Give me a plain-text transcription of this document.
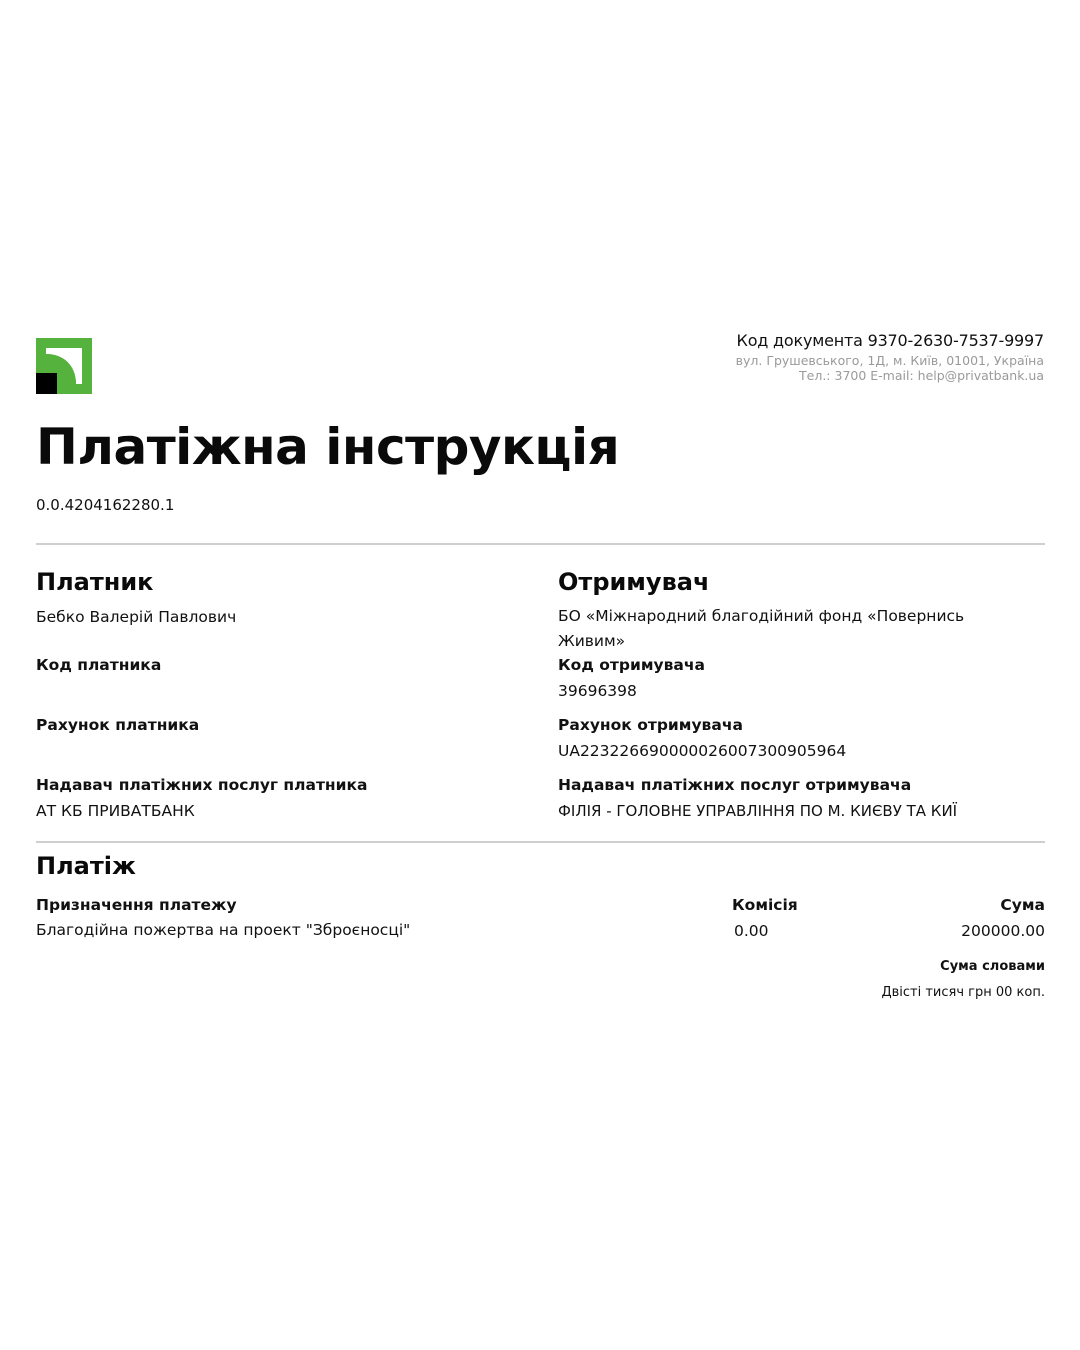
Код документа 9370-2630-7537-9997
вул. Грушевського, 1Д, м. Київ, 01001, Україна
Тел.: 3700 E-mail: help@privatbank.ua
Платіжна інструкція
0.0.4204162280.1
Платник
Бебко Валерій Павлович
Код платника
Рахунок платника
Надавач платіжних послуг платника
АТ КБ ПРИВАТБАНК
Отримувач
БО «Міжнародний благодійний фонд «Повернись Живим»
Код отримувача
39696398
Рахунок отримувача
UA223226690000026007300905964
Надавач платіжних послуг отримувача
ФІЛІЯ - ГОЛОВНЕ УПРАВЛІННЯ ПО М. КИЄВУ ТА КИЇ
Платіж
Призначення платежу
Благодійна пожертва на проект "Зброєносці"
Комісія
0.00
Сума
200000.00
Сума словами
Двісті тисяч грн 00 коп.
